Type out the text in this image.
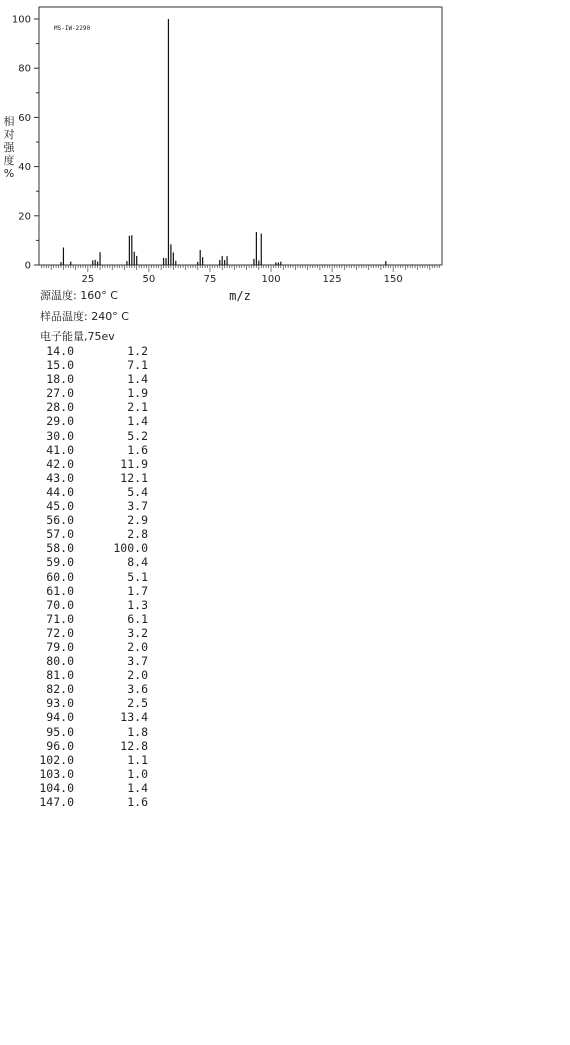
0
20
40
60
80
100
25	50	75	100	125	150
MS-IW-2290
m/z
相对强度%
源温度: 160° C
样品温度: 240° C
电子能量,75ev
14.0	1.2
15.0	7.1
18.0	1.4
27.0	1.9
28.0	2.1
29.0	1.4
30.0	5.2
41.0	1.6
42.0	11.9
43.0	12.1
44.0	5.4
45.0	3.7
56.0	2.9
57.0	2.8
58.0	100.0
59.0	8.4
60.0	5.1
61.0	1.7
70.0	1.3
71.0	6.1
72.0	3.2
79.0	2.0
80.0	3.7
81.0	2.0
82.0	3.6
93.0	2.5
94.0	13.4
95.0	1.8
96.0	12.8
102.0	1.1
103.0	1.0
104.0	1.4
147.0	1.6
